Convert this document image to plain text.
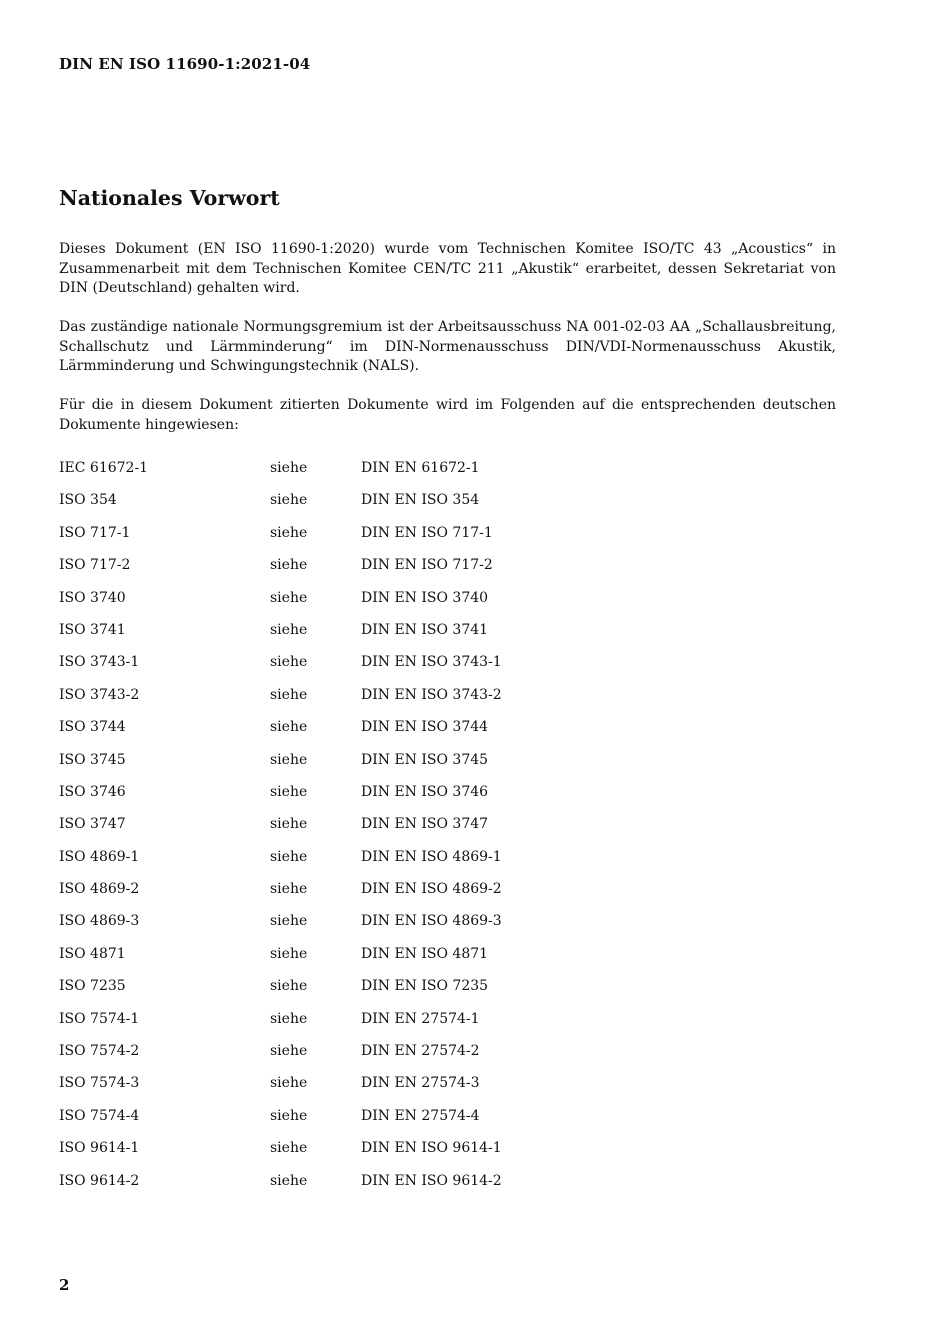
DIN EN ISO 11690-1:2021-04
Nationales Vorwort

Dieses Dokument (EN ISO 11690-1:2020) wurde vom Technischen Komitee ISO/TC 43 „Acoustics“ in Zusammenarbeit mit dem Technischen Komitee CEN/TC 211 „Akustik“ erarbeitet, dessen Sekretariat von DIN (Deutschland) gehalten wird.

Das zuständige nationale Normungsgremium ist der Arbeitsausschuss NA 001-02-03 AA „Schallausbreitung, Schallschutz und Lärmminderung“ im DIN-Normenausschuss DIN/VDI-Normenausschuss Akustik, Lärmminderung und Schwingungstechnik (NALS).

Für die in diesem Dokument zitierten Dokumente wird im Folgenden auf die entsprechenden deutschen Dokumente hingewiesen:

IEC 61672-1	siehe	DIN EN 61672-1
ISO 354	siehe	DIN EN ISO 354
ISO 717-1	siehe	DIN EN ISO 717-1
ISO 717-2	siehe	DIN EN ISO 717-2
ISO 3740	siehe	DIN EN ISO 3740
ISO 3741	siehe	DIN EN ISO 3741
ISO 3743-1	siehe	DIN EN ISO 3743-1
ISO 3743-2	siehe	DIN EN ISO 3743-2
ISO 3744	siehe	DIN EN ISO 3744
ISO 3745	siehe	DIN EN ISO 3745
ISO 3746	siehe	DIN EN ISO 3746
ISO 3747	siehe	DIN EN ISO 3747
ISO 4869-1	siehe	DIN EN ISO 4869-1
ISO 4869-2	siehe	DIN EN ISO 4869-2
ISO 4869-3	siehe	DIN EN ISO 4869-3
ISO 4871	siehe	DIN EN ISO 4871
ISO 7235	siehe	DIN EN ISO 7235
ISO 7574-1	siehe	DIN EN 27574-1
ISO 7574-2	siehe	DIN EN 27574-2
ISO 7574-3	siehe	DIN EN 27574-3
ISO 7574-4	siehe	DIN EN 27574-4
ISO 9614-1	siehe	DIN EN ISO 9614-1
ISO 9614-2	siehe	DIN EN ISO 9614-2
2
